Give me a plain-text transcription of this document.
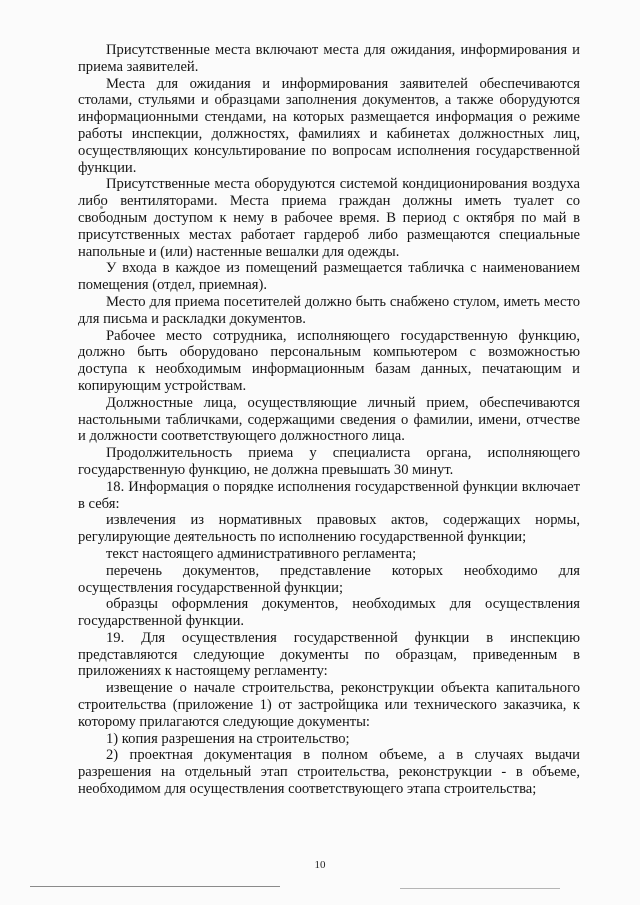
Присутственные места включают места для ожидания, информирования и приема заявителей.

Места для ожидания и информирования заявителей обеспечиваются столами, стульями и образцами заполнения документов, а также оборудуются информационными стендами, на которых размещается информация о режиме работы инспекции, должностях, фамилиях и кабинетах должностных лиц, осуществляющих консультирование по вопросам исполнения государственной функции.

Присутственные места оборудуются системой кондиционирования воздуха либо вентиляторами. Места приема граждан должны иметь туалет со свободным доступом к нему в рабочее время. В период с октября по май в присутственных местах работает гардероб либо размещаются специальные напольные и (или) настенные вешалки для одежды.

У входа в каждое из помещений размещается табличка с наименованием помещения (отдел, приемная).

Место для приема посетителей должно быть снабжено стулом, иметь место для письма и раскладки документов.

Рабочее место сотрудника, исполняющего государственную функцию, должно быть оборудовано персональным компьютером с возможностью доступа к необходимым информационным базам данных, печатающим и копирующим устройствам.

Должностные лица, осуществляющие личный прием, обеспечиваются настольными табличками, содержащими сведения о фамилии, имени, отчестве и должности соответствующего должностного лица.

Продолжительность приема у специалиста органа, исполняющего государственную функцию, не должна превышать 30 минут.

18. Информация о порядке исполнения государственной функции включает в себя:

извлечения из нормативных правовых актов, содержащих нормы, регулирующие деятельность по исполнению государственной функции;

текст настоящего административного регламента;

перечень документов, представление которых необходимо для осуществления государственной функции;

образцы оформления документов, необходимых для осуществления государственной функции.

19. Для осуществления государственной функции в инспекцию представляются следующие документы по образцам, приведенным в приложениях к настоящему регламенту:

извещение о начале строительства, реконструкции объекта капитального строительства (приложение 1) от застройщика или технического заказчика, к которому прилагаются следующие документы:

1) копия разрешения на строительство;

2) проектная документация в полном объеме, а в случаях выдачи разрешения на отдельный этап строительства, реконструкции - в объеме, необходимом для осуществления соответствующего этапа строительства;

10
